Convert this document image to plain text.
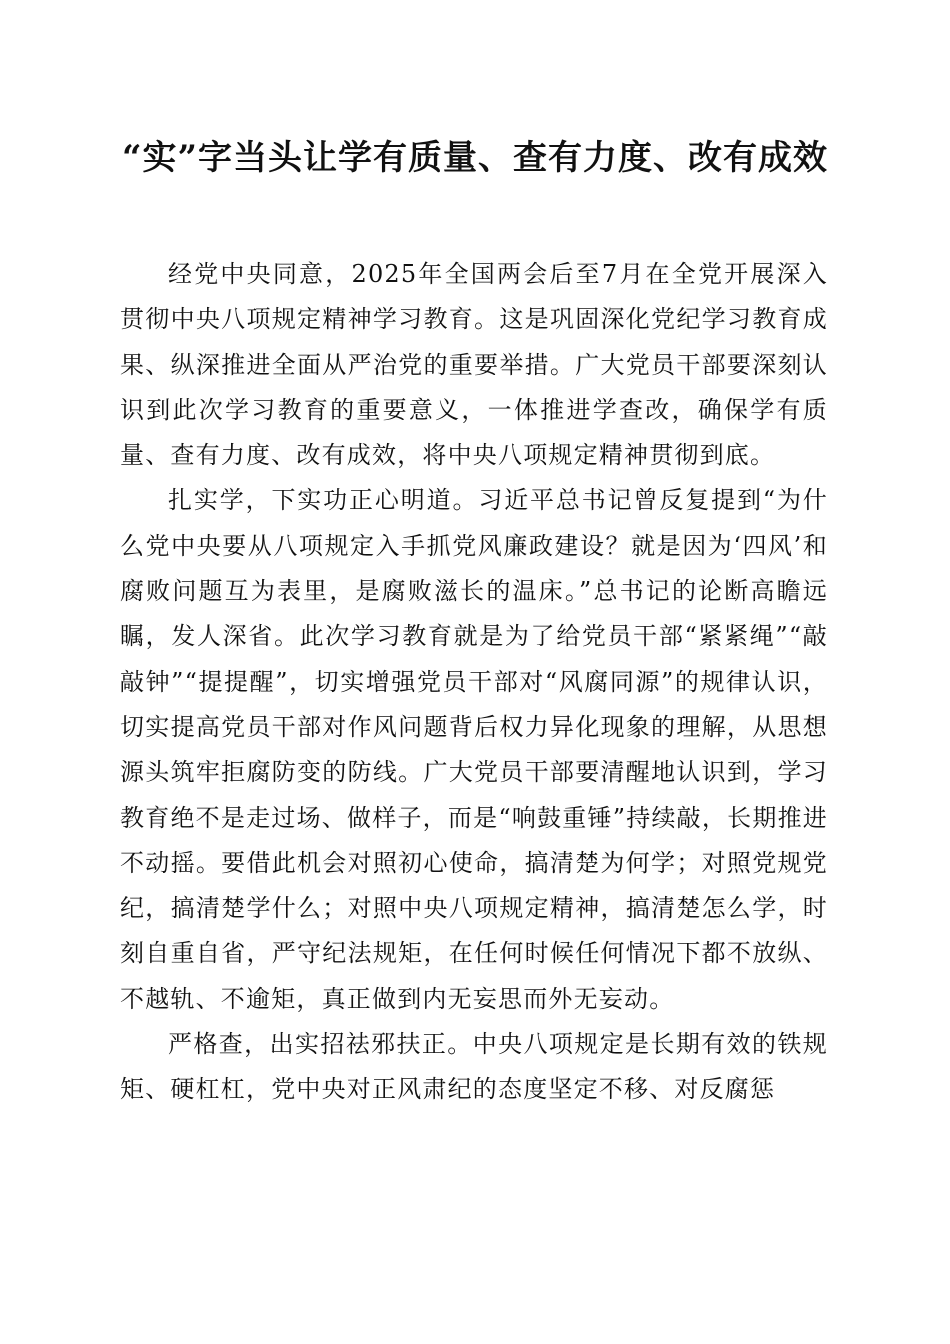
“实”字当头让学有质量、查有力度、改有成效

经党中央同意，2025年全国两会后至7月在全党开展深入贯彻中央八项规定精神学习教育。这是巩固深化党纪学习教育成果、纵深推进全面从严治党的重要举措。广大党员干部要深刻认识到此次学习教育的重要意义，一体推进学查改，确保学有质量、查有力度、改有成效，将中央八项规定精神贯彻到底。

扎实学，下实功正心明道。习近平总书记曾反复提到“为什么党中央要从八项规定入手抓党风廉政建设？就是因为‘四风’和腐败问题互为表里，是腐败滋长的温床。”总书记的论断高瞻远瞩，发人深省。此次学习教育就是为了给党员干部“紧紧绳”“敲敲钟”“提提醒”，切实增强党员干部对“风腐同源”的规律认识，切实提高党员干部对作风问题背后权力异化现象的理解，从思想源头筑牢拒腐防变的防线。广大党员干部要清醒地认识到，学习教育绝不是走过场、做样子，而是“响鼓重锤”持续敲，长期推进不动摇。要借此机会对照初心使命，搞清楚为何学；对照党规党纪，搞清楚学什么；对照中央八项规定精神，搞清楚怎么学，时刻自重自省，严守纪法规矩，在任何时候任何情况下都不放纵、不越轨、不逾矩，真正做到内无妄思而外无妄动。

严格查，出实招祛邪扶正。中央八项规定是长期有效的铁规矩、硬杠杠，党中央对正风肃纪的态度坚定不移、对反腐惩
